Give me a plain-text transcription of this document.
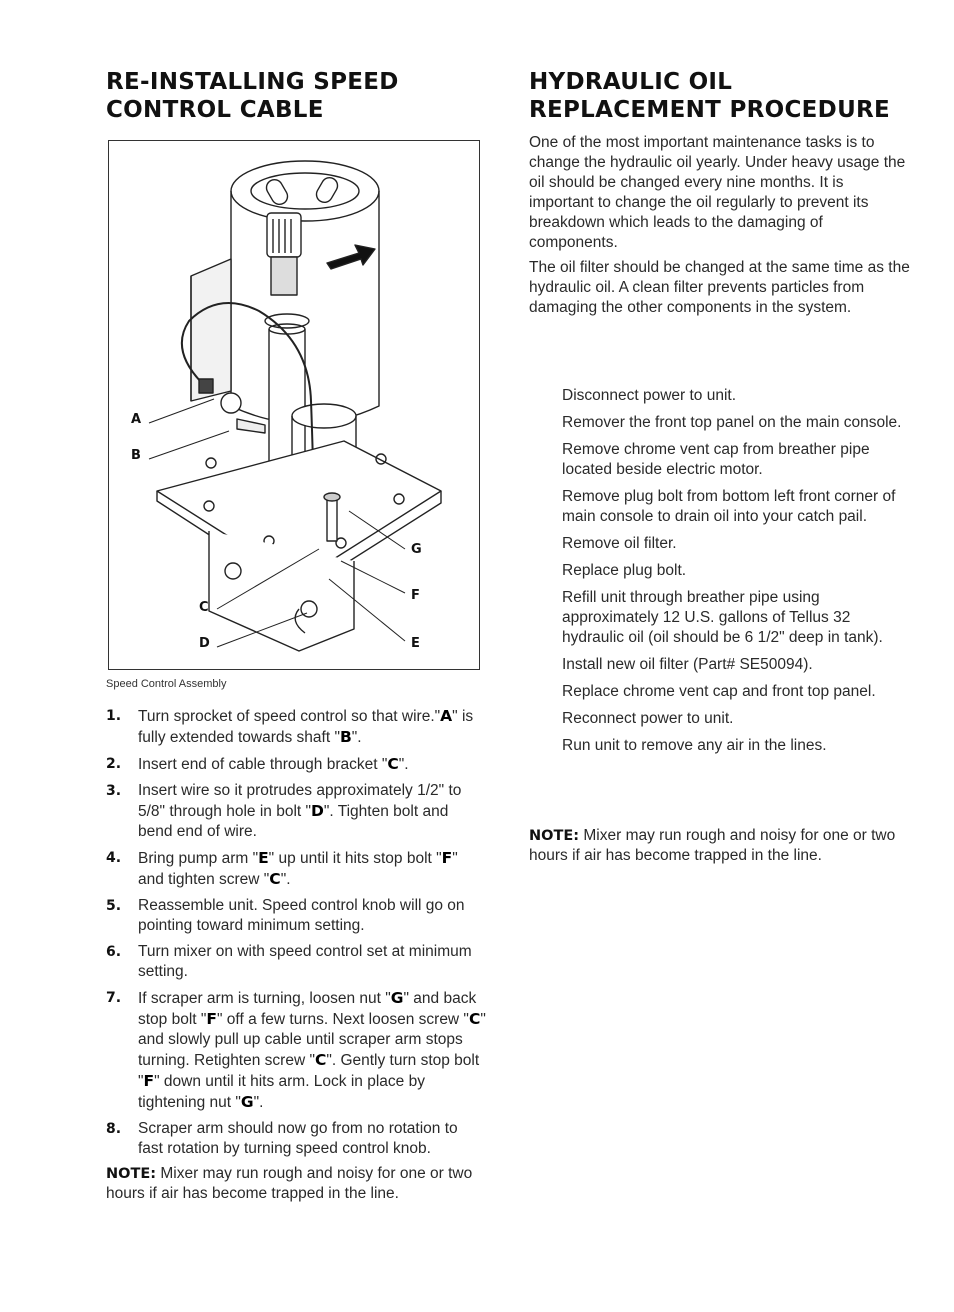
RE-INSTALLING SPEED
CONTROL CABLE
A
B
C
D
G
F
E
Speed Control Assembly
1.	Turn sprocket of speed control so that wire."A" is fully extended towards shaft "B".
2.	Insert end of cable through bracket "C".
3.	Insert wire so it protrudes approximately 1/2" to 5/8" through hole in bolt "D". Tighten bolt and bend end of wire.
4.	Bring pump arm "E" up until it hits stop bolt "F" and tighten screw "C".
5.	Reassemble unit. Speed control knob will go on pointing toward minimum setting.
6.	Turn mixer on with speed control set at minimum setting.
7.	If scraper arm is turning, loosen nut "G" and back stop bolt "F" off a few turns. Next loosen screw "C" and slowly pull up cable until scraper arm stops turning. Retighten screw "C". Gently turn stop bolt "F" down until it hits arm. Lock in place by tightening nut "G".
8.	Scraper arm should now go from no rotation to fast rotation by turning speed control knob.
NOTE: Mixer may run rough and noisy for one or two hours if air has become trapped in the line.
HYDRAULIC OIL
REPLACEMENT PROCEDURE

One of the most important maintenance tasks is to change the hydraulic oil yearly. Under heavy usage the oil should be changed every nine months. It is important to change the oil regularly to prevent its breakdown which leads to the damaging of components.

The oil filter should be changed at the same time as the hydraulic oil. A clean filter prevents particles from damaging the other components in the system.

Disconnect power to unit.
Remover the front top panel on the main console.
Remove chrome vent cap from breather pipe located beside electric motor.
Remove plug bolt from bottom left front corner of main console to drain oil into your catch pail.
Remove oil filter.
Replace plug bolt.
Refill unit through breather pipe using approximately 12 U.S. gallons of Tellus 32 hydraulic oil (oil should be 6 1/2" deep in tank).
Install new oil filter (Part# SE50094).
Replace chrome vent cap and front top panel.
Reconnect power to unit.
Run unit to remove any air in the lines.
NOTE: Mixer may run rough and noisy for one or two hours if air has become trapped in the line.
